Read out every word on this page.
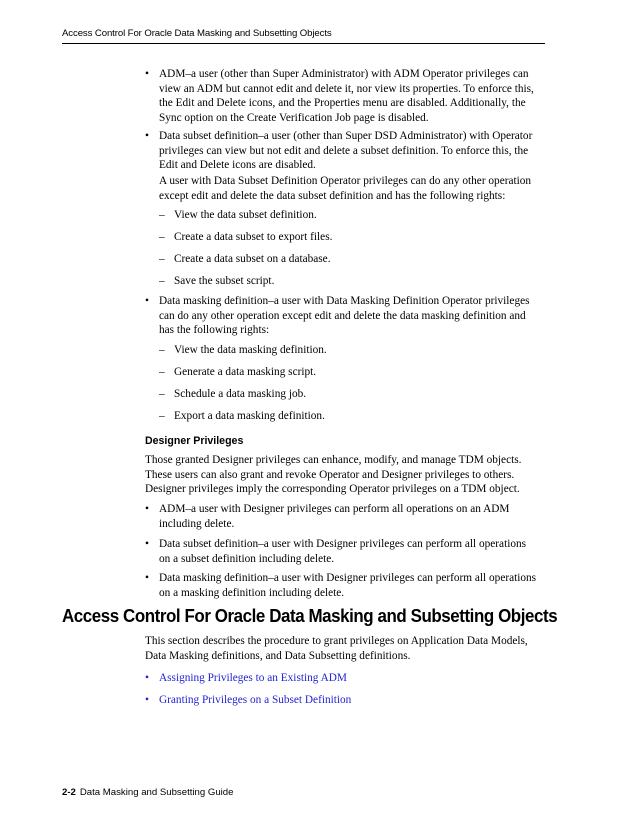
Access Control For Oracle Data Masking and Subsetting Objects
• ADM–a user (other than Super Administrator) with ADM Operator privileges can

view an ADM but cannot edit and delete it, nor view its properties. To enforce this,

the Edit and Delete icons, and the Properties menu are disabled. Additionally, the

Sync option on the Create Verification Job page is disabled.

• Data subset definition–a user (other than Super DSD Administrator) with Operator

privileges can view but not edit and delete a subset definition. To enforce this, the

Edit and Delete icons are disabled.

A user with Data Subset Definition Operator privileges can do any other operation

except edit and delete the data subset definition and has the following rights:

– View the data subset definition.

– Create a data subset to export files.

– Create a data subset on a database.

– Save the subset script.

• Data masking definition–a user with Data Masking Definition Operator privileges

can do any other operation except edit and delete the data masking definition and

has the following rights:

– View the data masking definition.

– Generate a data masking script.

– Schedule a data masking job.

– Export a data masking definition.

Designer Privileges

Those granted Designer privileges can enhance, modify, and manage TDM objects.

These users can also grant and revoke Operator and Designer privileges to others.

Designer privileges imply the corresponding Operator privileges on a TDM object.

• ADM–a user with Designer privileges can perform all operations on an ADM

including delete.

• Data subset definition–a user with Designer privileges can perform all operations

on a subset definition including delete.

• Data masking definition–a user with Designer privileges can perform all operations

on a masking definition including delete.

Access Control For Oracle Data Masking and Subsetting Objects

This section describes the procedure to grant privileges on Application Data Models,

Data Masking definitions, and Data Subsetting definitions.

• Assigning Privileges to an Existing ADM
• Granting Privileges on a Subset Definition
2-2 Data Masking and Subsetting Guide
